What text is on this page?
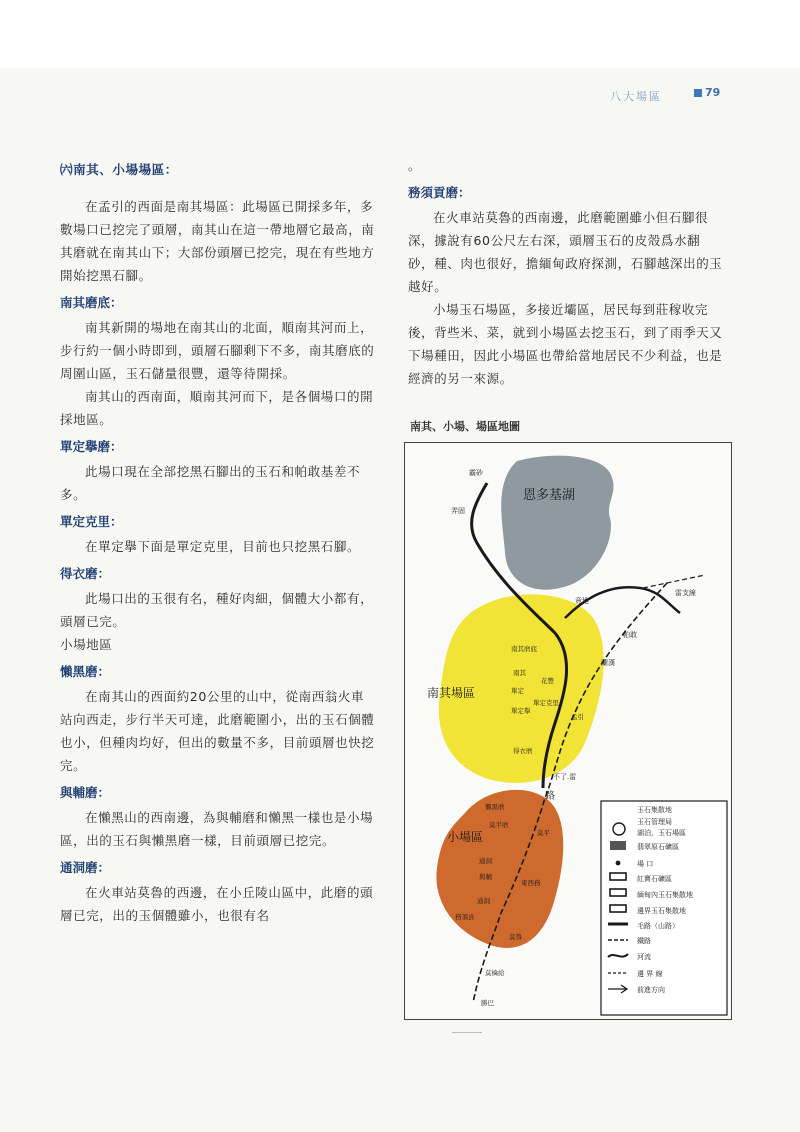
八大場區	79

㈥南其、小場場區：

在孟引的西面是南其場區：此場區已開採多年，多數場口已挖完了頭層，南其山在這一帶地層它最高，南其磨就在南其山下；大部份頭層已挖完，現在有些地方開始挖黑石腳。

南其磨底：

南其新開的場地在南其山的北面，順南其河而上，步行約一個小時即到，頭層石腳剩下不多，南其磨底的周圍山區，玉石儲量很豐，還等待開採。

南其山的西南面，順南其河而下，是各個場口的開採地區。

單定擧磨：

此場口現在全部挖黑石腳出的玉石和帕敢基差不多。

單定克里：

在單定擧下面是單定克里，目前也只挖黑石腳。

得衣磨：

此場口出的玉很有名，種好肉細，個體大小都有，頭層已完。

小場地區

懶黑磨：

在南其山的西面約20公里的山中，從南西翁火車站向西走，步行半天可達，此磨範圍小，出的玉石個體也小，但種肉均好，但出的數量不多，目前頭層也快挖完。

與輔磨：

在懶黑山的西南邊，為與輔磨和懶黑一樣也是小場區，出的玉石與懶黑磨一樣，目前頭層已挖完。

通洞磨：

在火車站莫魯的西邊，在小丘陵山區中，此磨的頭層已完，出的玉個體雖小，也很有名

。

務須貢磨：

在火車站莫魯的西南邊，此磨範圍雖小但石腳很深，據說有60公尺左右深，頭層玉石的皮殼爲水翻砂，種、肉也很好，擔緬甸政府探測，石腳越深出的玉越好。

小場玉石場區，多接近壩區，居民每到莊稼收完後，背些米、菜，就到小場區去挖玉石，到了雨季天又下場種田，因此小場區也帶給當地居民不少利益，也是經濟的另一來源。

南其、小場、場區地圖
恩多基湖
南其場區
小場區
霸砂
弄固
竟地
帕敢
雷支線
蘭漢
南其磨底
南其
單定
單定擧
單定克里
得衣磨
花豐
孟引
路
不了.雷
懶黑磨
莫半磨
莫平
通洞
與輔
東西務
通洞
務須貢
莫魯
莫檎給
勝巴
玉石集散地
玉石管理局
湖泊，玉石場區
翡翠原石礦區
場 口
紅寶石礦區
緬甸內玉石集散地
邊界玉石集散地
毛路（山路）
鐵路
河流
邊 界 線
前進方向
